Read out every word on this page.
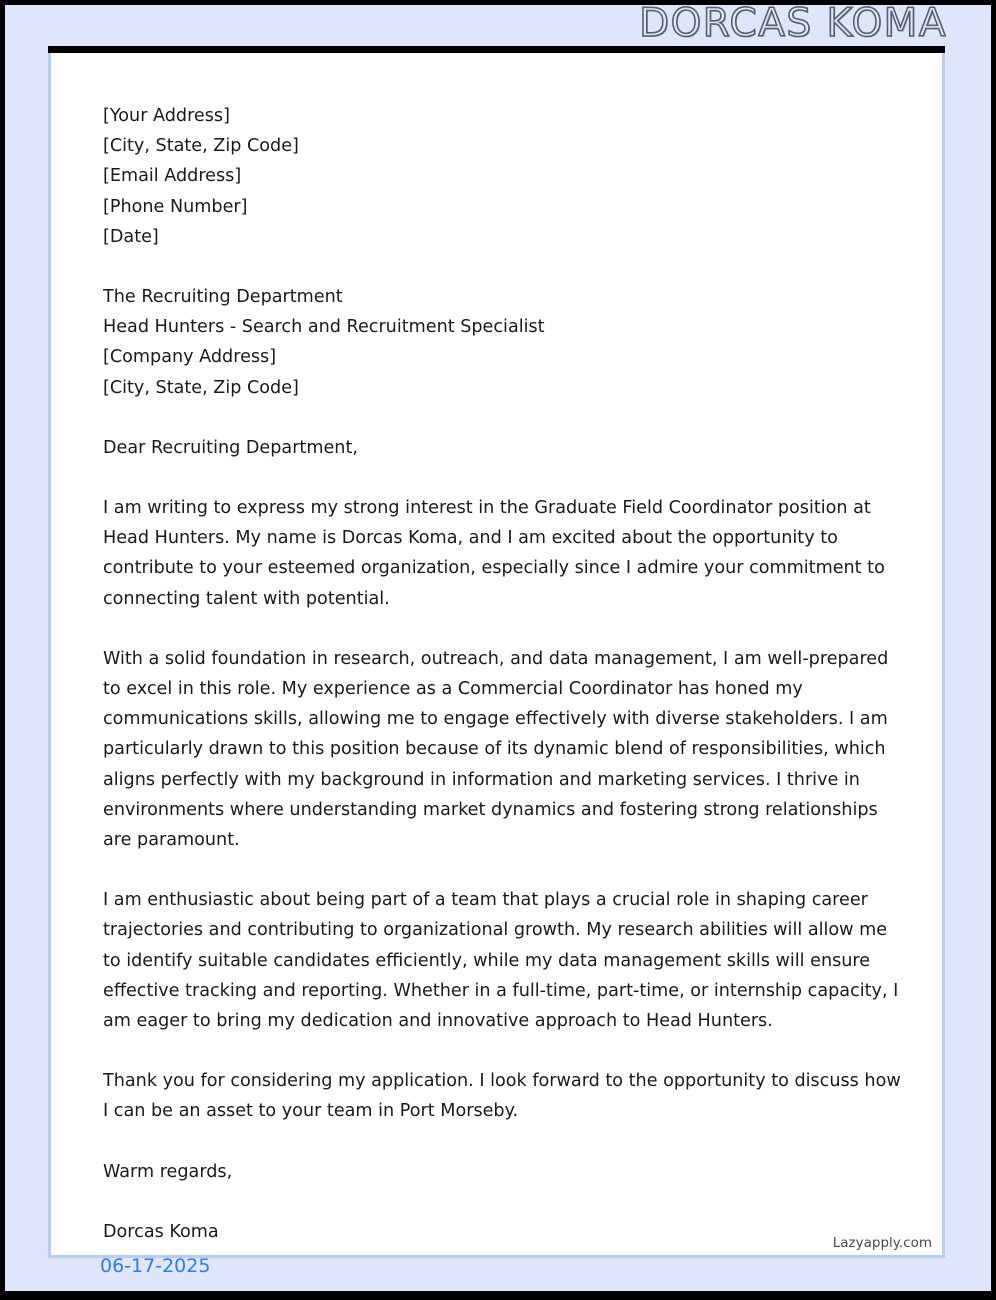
DORCAS KOMA
[Your Address]
[City, State, Zip Code]
[Email Address]
[Phone Number]
[Date]
The Recruiting Department
Head Hunters - Search and Recruitment Specialist
[Company Address]
[City, State, Zip Code]
Dear Recruiting Department,
I am writing to express my strong interest in the Graduate Field Coordinator position at Head Hunters. My name is Dorcas Koma, and I am excited about the opportunity to contribute to your esteemed organization, especially since I admire your commitment to connecting talent with potential.
With a solid foundation in research, outreach, and data management, I am well-prepared to excel in this role. My experience as a Commercial Coordinator has honed my communications skills, allowing me to engage effectively with diverse stakeholders. I am particularly drawn to this position because of its dynamic blend of responsibilities, which aligns perfectly with my background in information and marketing services. I thrive in environments where understanding market dynamics and fostering strong relationships are paramount.
I am enthusiastic about being part of a team that plays a crucial role in shaping career trajectories and contributing to organizational growth. My research abilities will allow me to identify suitable candidates efficiently, while my data management skills will ensure effective tracking and reporting. Whether in a full-time, part-time, or internship capacity, I am eager to bring my dedication and innovative approach to Head Hunters.
Thank you for considering my application. I look forward to the opportunity to discuss how I can be an asset to your team in Port Morseby.
Warm regards,
Dorcas Koma
Lazyapply.com
06-17-2025
